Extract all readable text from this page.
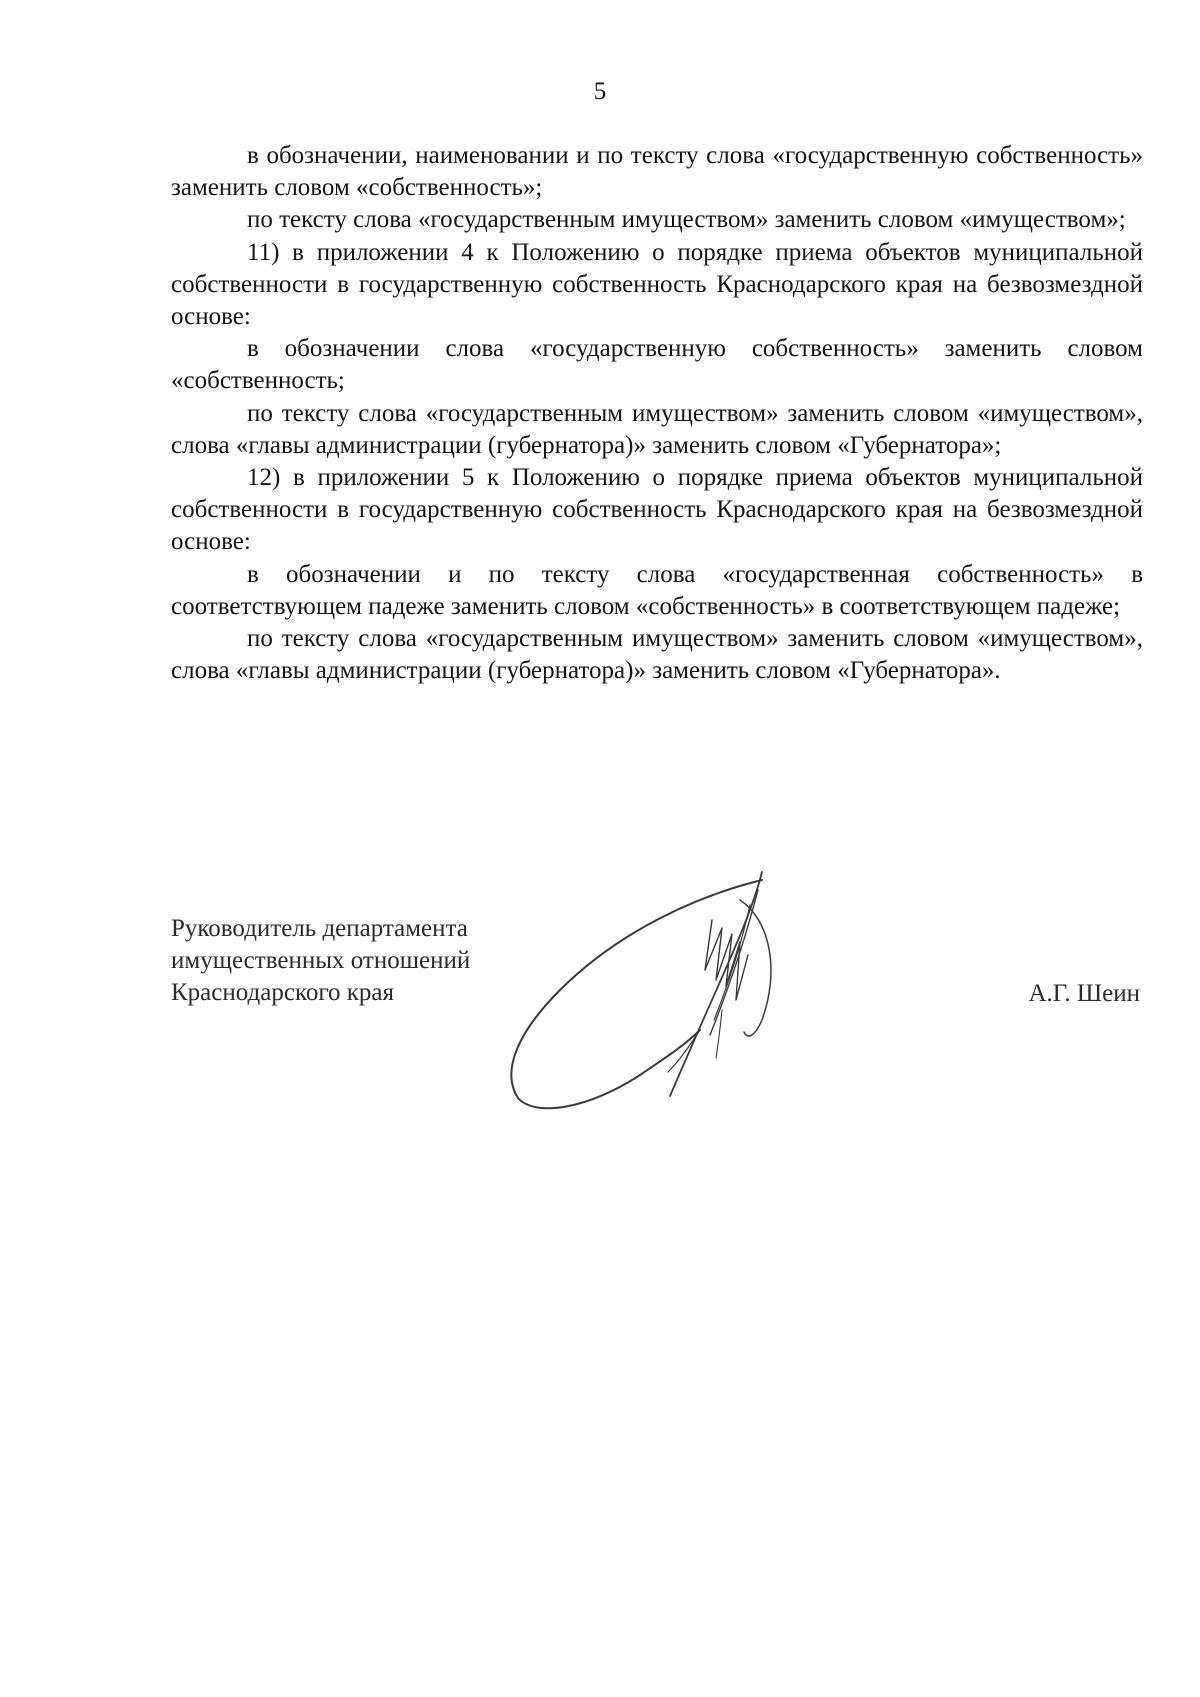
5

в обозначении, наименовании и по тексту слова «государственную собственность» заменить словом «собственность»;

по тексту слова «государственным имуществом» заменить словом «имуществом»;

11) в приложении 4 к Положению о порядке приема объектов муниципальной собственности в государственную собственность Краснодарского края на безвозмездной основе:

в обозначении слова «государственную собственность» заменить словом «собственность;

по тексту слова «государственным имуществом» заменить словом «имуществом», слова «главы администрации (губернатора)» заменить словом «Губернатора»;

12) в приложении 5 к Положению о порядке приема объектов муниципальной собственности в государственную собственность Краснодарского края на безвозмездной основе:

в обозначении и по тексту слова «государственная собственность» в соответствующем падеже заменить словом «собственность» в соответствующем падеже;

по тексту слова «государственным имуществом» заменить словом «имуществом», слова «главы администрации (губернатора)» заменить словом «Губернатора».

Руководитель департамента
имущественных отношений
Краснодарского края	А.Г. Шеин
